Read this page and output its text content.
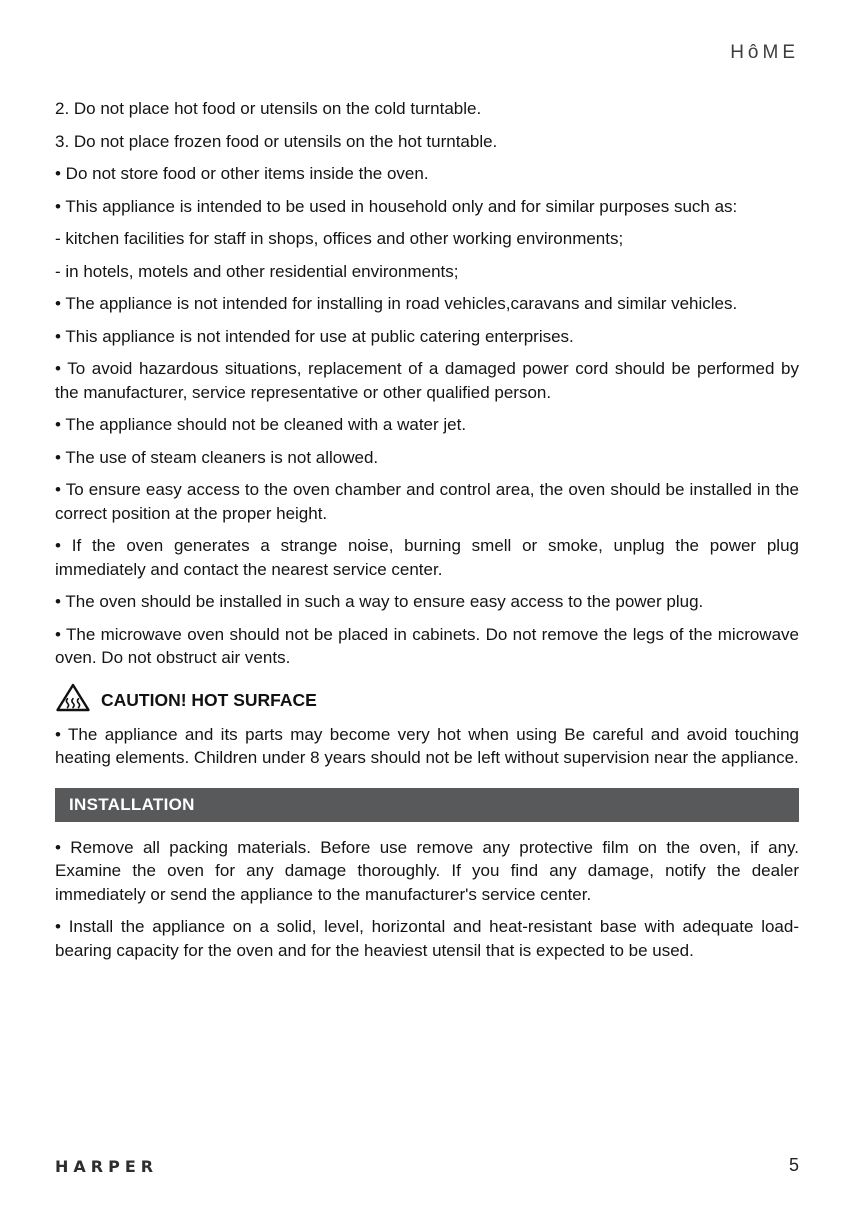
HôME

2. Do not place hot food or utensils on the cold turntable.

3. Do not place frozen food or utensils on the hot turntable.

• Do not store food or other items inside the oven.

• This appliance is intended to be used in household only and for similar purposes such as:

- kitchen facilities for staff in shops, offices and other working environments;

- in hotels, motels and other residential environments;

• The appliance is not intended for installing in road vehicles,caravans and similar vehicles.

• This appliance is not intended for use at public catering enterprises.

• To avoid hazardous situations, replacement of a damaged power cord should be performed by the manufacturer, service representative or other qualified person.

• The appliance should not be cleaned with a water jet.

• The use of steam cleaners is not allowed.

• To ensure easy access to the oven chamber and control area, the oven should be installed in the correct position at the proper height.

• If the oven generates a strange noise, burning smell or smoke, unplug the power plug immediately and contact the nearest service center.

• The oven should be installed in such a way to ensure easy access to the power plug.

• The microwave oven should not be placed in cabinets. Do not remove the legs of the microwave oven. Do not obstruct air vents.

CAUTION! HOT SURFACE

• The appliance and its parts may become very hot when using Be careful and avoid touching heating elements. Children under 8 years should not be left without supervision near the appliance.

INSTALLATION

• Remove all packing materials. Before use remove any protective film on the oven, if any. Examine the oven for any damage thoroughly. If you find any damage, notify the dealer immediately or send the appliance to the manufacturer's service center.

• Install the appliance on a solid, level, horizontal and heat-resistant base with adequate load-bearing capacity for the oven and for the heaviest utensil that is expected to be used.

HARPER	5
